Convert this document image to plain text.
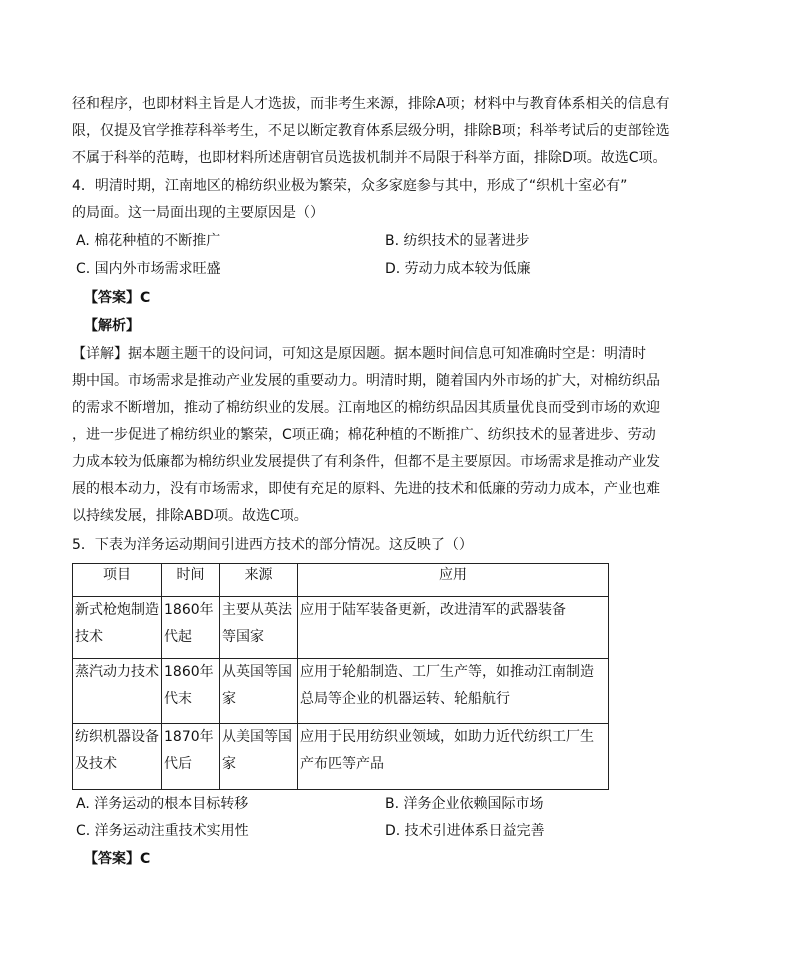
径和程序，也即材料主旨是人才选拔，而非考生来源，排除A项；材料中与教育体系相关的信息有
限，仅提及官学推荐科举考生，不足以断定教育体系层级分明，排除B项；科举考试后的吏部铨选
不属于科举的范畴，也即材料所述唐朝官员选拔机制并不局限于科举方面，排除D项。故选C项。
4．明清时期，江南地区的棉纺织业极为繁荣，众多家庭参与其中，形成了“织机十室必有”
的局面。这一局面出现的主要原因是（）
A. 棉花种植的不断推广	B. 纺织技术的显著进步
C. 国内外市场需求旺盛	D. 劳动力成本较为低廉
【答案】C
【解析】
【详解】据本题主题干的设问词，可知这是原因题。据本题时间信息可知准确时空是：明清时
期中国。市场需求是推动产业发展的重要动力。明清时期，随着国内外市场的扩大，对棉纺织品
的需求不断增加，推动了棉纺织业的发展。江南地区的棉纺织品因其质量优良而受到市场的欢迎
，进一步促进了棉纺织业的繁荣，C项正确；棉花种植的不断推广、纺织技术的显著进步、劳动
力成本较为低廉都为棉纺织业发展提供了有利条件，但都不是主要原因。市场需求是推动产业发
展的根本动力，没有市场需求，即使有充足的原料、先进的技术和低廉的劳动力成本，产业也难
以持续发展，排除ABD项。故选C项。
5．下表为洋务运动期间引进西方技术的部分情况。这反映了（）
项目	时间	来源	应用
新式枪炮制造技术	1860年代起	主要从英法等国家	应用于陆军装备更新，改进清军的武器装备
蒸汽动力技术	1860年代末	从英国等国家	应用于轮船制造、工厂生产等，如推动江南制造总局等企业的机器运转、轮船航行
纺织机器设备及技术	1870年代后	从美国等国家	应用于民用纺织业领域，如助力近代纺织工厂生产布匹等产品
A. 洋务运动的根本目标转移	B. 洋务企业依赖国际市场
C. 洋务运动注重技术实用性	D. 技术引进体系日益完善
【答案】C
